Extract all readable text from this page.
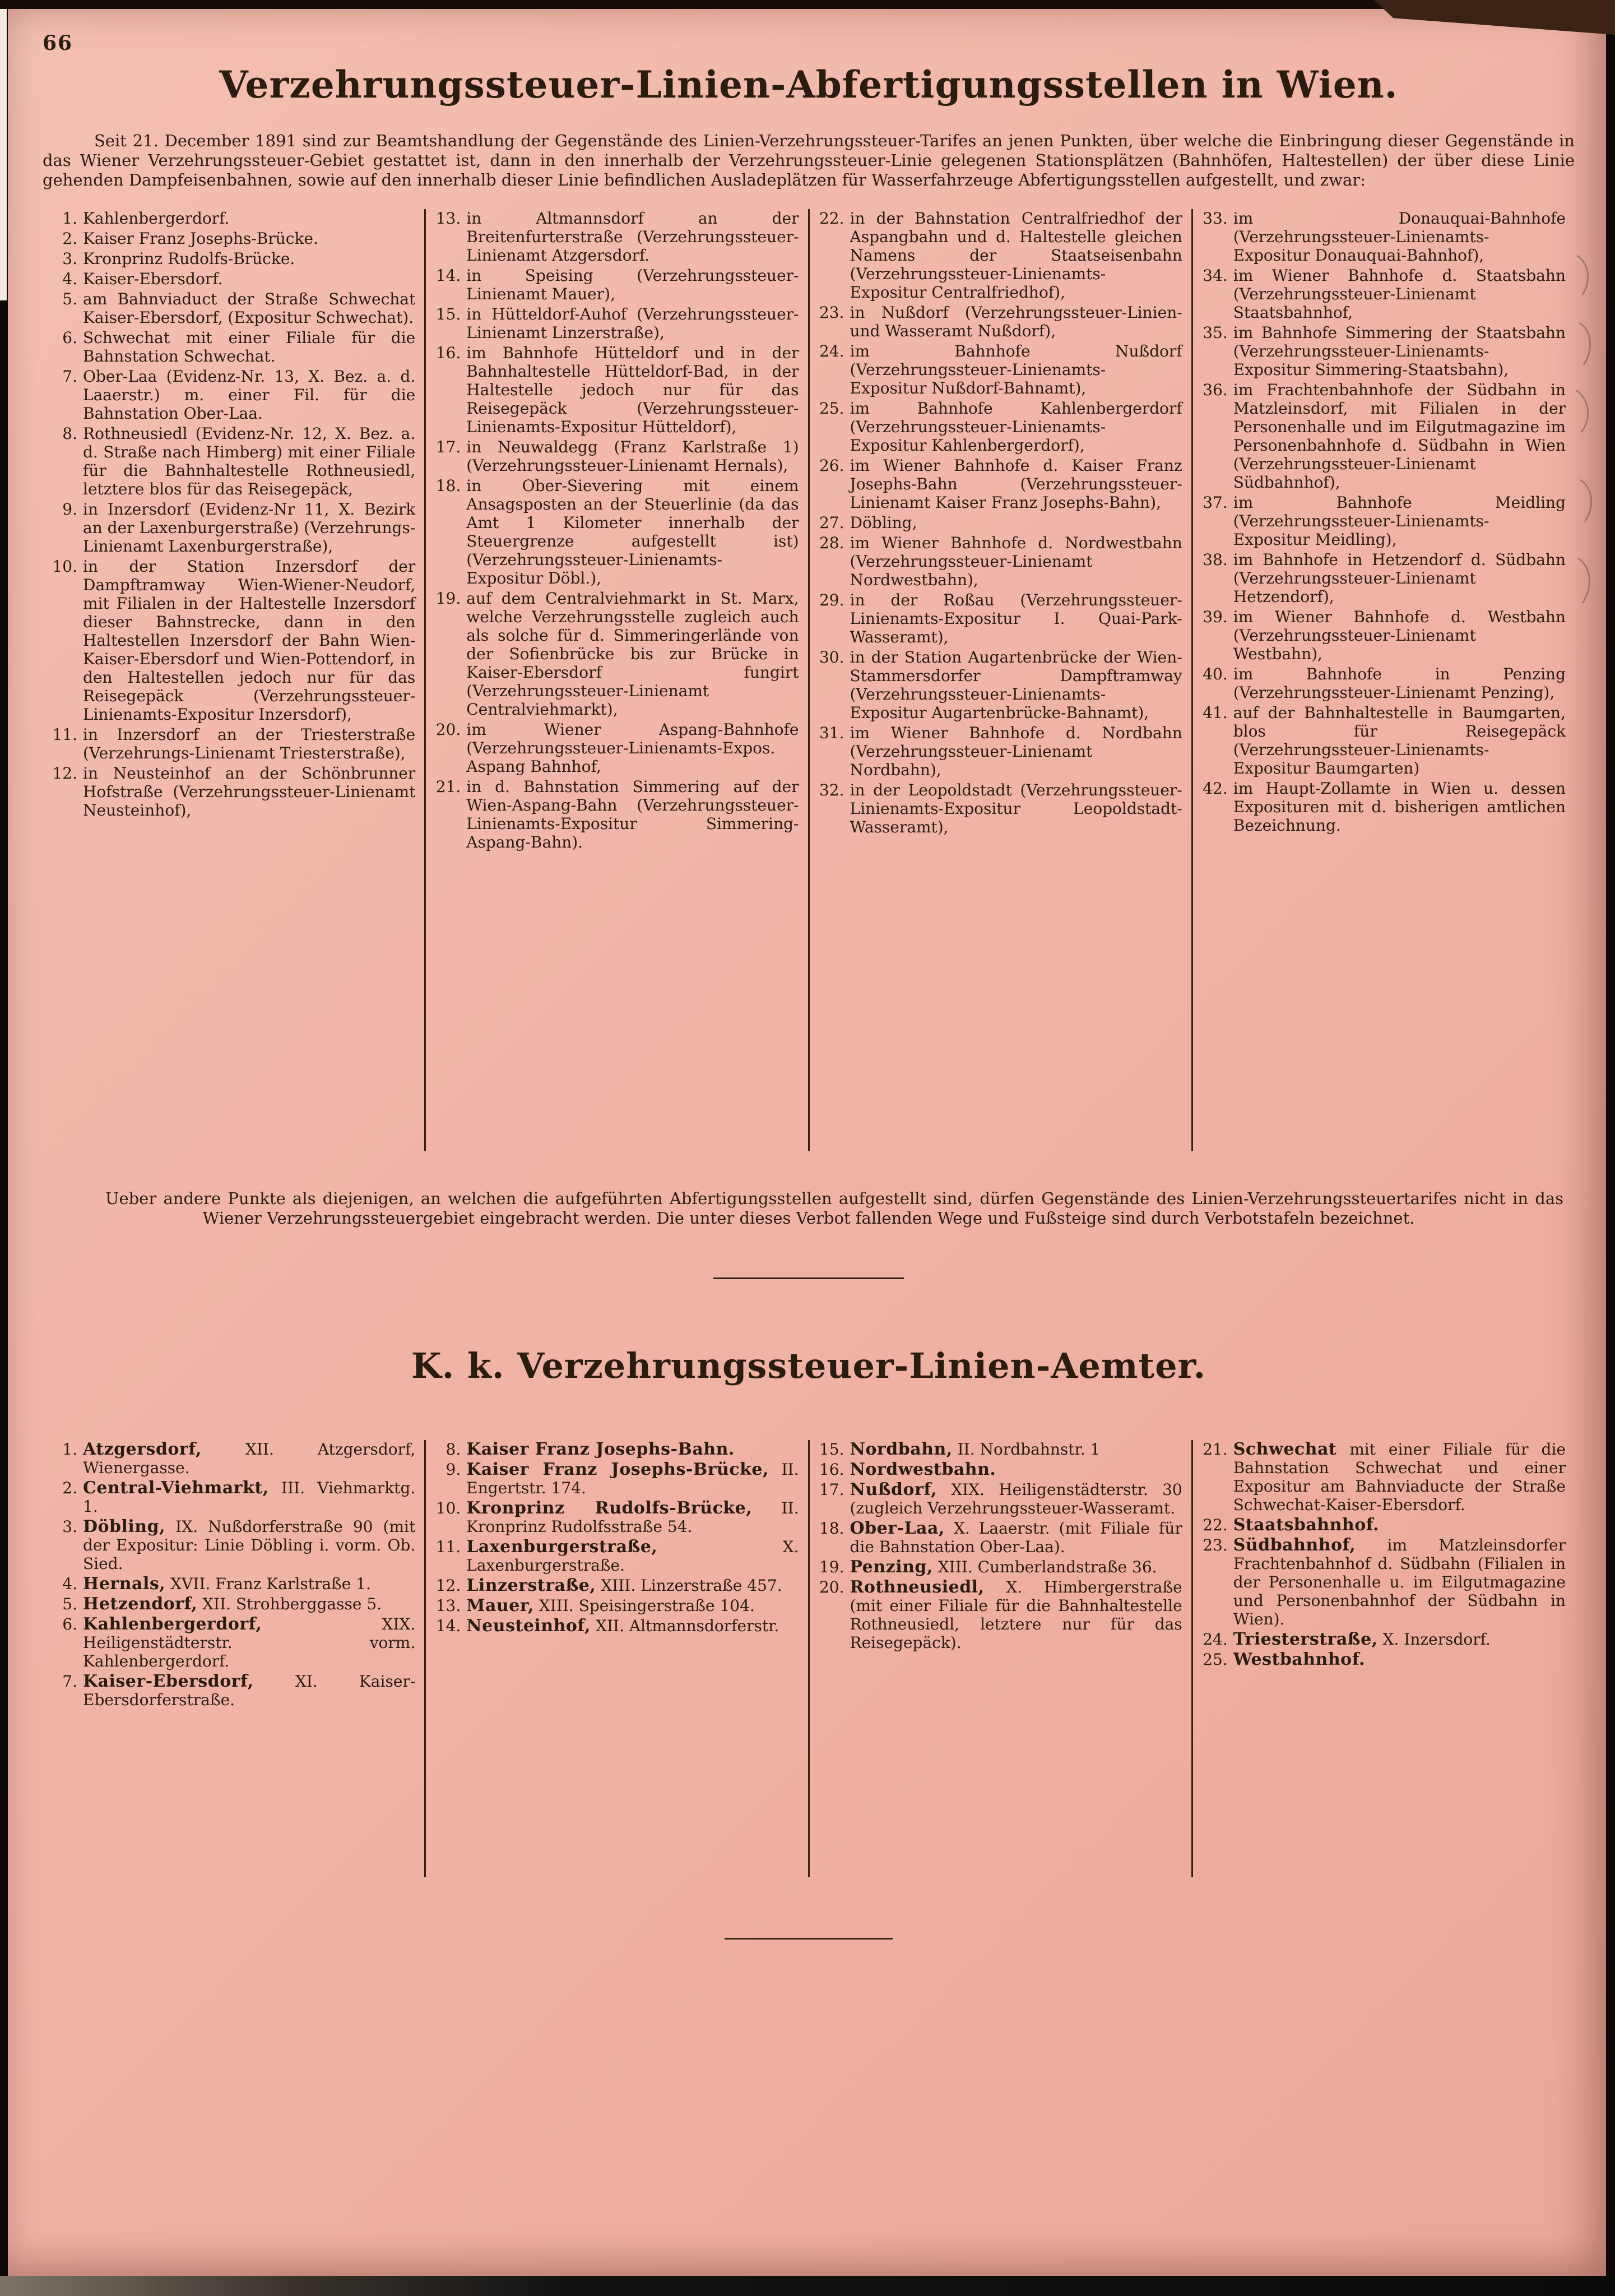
66
Verzehrungssteuer-Linien-Abfertigungsstellen in Wien.

Seit 21. December 1891 sind zur Beamtshandlung der Gegenstände des Linien-Verzehrungssteuer-Tarifes an jenen Punkten, über welche die Einbringung dieser Gegenstände in das Wiener Verzehrungssteuer-Gebiet gestattet ist, dann in den innerhalb der Verzehrungssteuer-Linie gelegenen Stationsplätzen (Bahnhöfen, Haltestellen) der über diese Linie gehenden Dampfeisenbahnen, sowie auf den innerhalb dieser Linie befindlichen Ausladeplätzen für Wasserfahrzeuge Abfertigungsstellen aufgestellt, und zwar:

1. Kahlenbergerdorf.
2. Kaiser Franz Josephs-Brücke.
3. Kronprinz Rudolfs-Brücke.
4. Kaiser-Ebersdorf.
5. am Bahnviaduct der Straße Schwechat Kaiser-Ebersdorf, (Expositur Schwechat).
6. Schwechat mit einer Filiale für die Bahnstation Schwechat.
7. Ober-Laa (Evidenz-Nr. 13, X. Bez. a. d. Laaerstr.) m. einer Fil. für die Bahnstation Ober-Laa.
8. Rothneusiedl (Evidenz-Nr. 12, X. Bez. a. d. Straße nach Himberg) mit einer Filiale für die Bahnhaltestelle Rothneusiedl, letztere blos für das Reisegepäck,
9. in Inzersdorf (Evidenz-Nr 11, X. Bezirk an der Laxenburgerstraße) (Verzehrungs-Linienamt Laxenburgerstraße),
10. in der Station Inzersdorf der Dampftramway Wien-Wiener-Neudorf, mit Filialen in der Haltestelle Inzersdorf dieser Bahnstrecke, dann in den Haltestellen Inzersdorf der Bahn Wien-Kaiser-Ebersdorf und Wien-Pottendorf, in den Haltestellen jedoch nur für das Reisegepäck (Verzehrungssteuer-Linienamts-Expositur Inzersdorf),
11. in Inzersdorf an der Triesterstraße (Verzehrungs-Linienamt Triesterstraße),
12. in Neusteinhof an der Schönbrunner Hofstraße (Verzehrungssteuer-Linienamt Neusteinhof),
13. in Altmannsdorf an der Breitenfurterstraße (Verzehrungssteuer-Linienamt Atzgersdorf.
14. in Speising (Verzehrungssteuer-Linienamt Mauer),
15. in Hütteldorf-Auhof (Verzehrungssteuer-Linienamt Linzerstraße),
16. im Bahnhofe Hütteldorf und in der Bahnhaltestelle Hütteldorf-Bad, in der Haltestelle jedoch nur für das Reisegepäck (Verzehrungssteuer-Linienamts-Expositur Hütteldorf),
17. in Neuwaldegg (Franz Karlstraße 1) (Verzehrungssteuer-Linienamt Hernals),
18. in Ober-Sievering mit einem Ansagsposten an der Steuerlinie (da das Amt 1 Kilometer innerhalb der Steuergrenze aufgestellt ist) (Verzehrungssteuer-Linienamts-Expositur Döbl.),
19. auf dem Centralviehmarkt in St. Marx, welche Verzehrungsstelle zugleich auch als solche für d. Simmeringerlände von der Sofienbrücke bis zur Brücke in Kaiser-Ebersdorf fungirt (Verzehrungssteuer-Linienamt Centralviehmarkt),
20. im Wiener Aspang-Bahnhofe (Verzehrungssteuer-Linienamts-Expos. Aspang Bahnhof,
21. in d. Bahnstation Simmering auf der Wien-Aspang-Bahn (Verzehrungssteuer-Linienamts-Expositur Simmering-Aspang-Bahn).
22. in der Bahnstation Centralfriedhof der Aspangbahn und d. Haltestelle gleichen Namens der Staatseisenbahn (Verzehrungssteuer-Linienamts-Expositur Centralfriedhof),
23. in Nußdorf (Verzehrungssteuer-Linien- und Wasseramt Nußdorf),
24. im Bahnhofe Nußdorf (Verzehrungssteuer-Linienamts-Expositur Nußdorf-Bahnamt),
25. im Bahnhofe Kahlenbergerdorf (Verzehrungssteuer-Linienamts-Expositur Kahlenbergerdorf),
26. im Wiener Bahnhofe d. Kaiser Franz Josephs-Bahn (Verzehrungssteuer-Linienamt Kaiser Franz Josephs-Bahn),
27. Döbling,
28. im Wiener Bahnhofe d. Nordwestbahn (Verzehrungssteuer-Linienamt Nordwestbahn),
29. in der Roßau (Verzehrungssteuer-Linienamts-Expositur I. Quai-Park-Wasseramt),
30. in der Station Augartenbrücke der Wien-Stammersdorfer Dampftramway (Verzehrungssteuer-Linienamts-Expositur Augartenbrücke-Bahnamt),
31. im Wiener Bahnhofe d. Nordbahn (Verzehrungssteuer-Linienamt Nordbahn),
32. in der Leopoldstadt (Verzehrungssteuer-Linienamts-Expositur Leopoldstadt-Wasseramt),
33. im Donauquai-Bahnhofe (Verzehrungssteuer-Linienamts-Expositur Donauquai-Bahnhof),
34. im Wiener Bahnhofe d. Staatsbahn (Verzehrungssteuer-Linienamt Staatsbahnhof,
35. im Bahnhofe Simmering der Staatsbahn (Verzehrungssteuer-Linienamts-Expositur Simmering-Staatsbahn),
36. im Frachtenbahnhofe der Südbahn in Matzleinsdorf, mit Filialen in der Personenhalle und im Eilgutmagazine im Personenbahnhofe d. Südbahn in Wien (Verzehrungssteuer-Linienamt Südbahnhof),
37. im Bahnhofe Meidling (Verzehrungssteuer-Linienamts-Expositur Meidling),
38. im Bahnhofe in Hetzendorf d. Südbahn (Verzehrungssteuer-Linienamt Hetzendorf),
39. im Wiener Bahnhofe d. Westbahn (Verzehrungssteuer-Linienamt Westbahn),
40. im Bahnhofe in Penzing (Verzehrungssteuer-Linienamt Penzing),
41. auf der Bahnhaltestelle in Baumgarten, blos für Reisegepäck (Verzehrungssteuer-Linienamts-Expositur Baumgarten)
42. im Haupt-Zollamte in Wien u. dessen Exposituren mit d. bisherigen amtlichen Bezeichnung.

Ueber andere Punkte als diejenigen, an welchen die aufgeführten Abfertigungsstellen aufgestellt sind, dürfen Gegenstände des Linien-Verzehrungssteuertarifes nicht in das Wiener Verzehrungssteuergebiet eingebracht werden. Die unter dieses Verbot fallenden Wege und Fußsteige sind durch Verbotstafeln bezeichnet.

K. k. Verzehrungssteuer-Linien-Aemter.
1. Atzgersdorf,	XII. Atzgersdorf, Wienergasse.
2. Central-Viehmarkt, III. Viehmarktg. 1.
3. Döbling, IX. Nußdorferstraße 90 (mit der Expositur: Linie Döbling i. vorm. Ob. Sied.
4. Hernals, XVII. Franz Karlstraße 1.
5. Hetzendorf, XII. Strohberggasse 5.
6. Kahlenbergerdorf,	XIX. Heiligenstädterstr. vorm. Kahlenbergerdorf.
7. Kaiser-Ebersdorf,	XI. Kaiser-Ebersdorferstraße.
8. Kaiser Franz Josephs-Bahn.
9. Kaiser Franz Josephs-Brücke, II. Engertstr. 174.
10. Kronprinz Rudolfs-Brücke, II. Kronprinz Rudolfsstraße 54.
11. Laxenburgerstraße,	X. Laxenburgerstraße.
12. Linzerstraße, XIII. Linzerstraße 457.
13. Mauer, XIII. Speisingerstraße 104.
14. Neusteinhof, XII. Altmannsdorferstr.
15. Nordbahn, II. Nordbahnstr. 1
16. Nordwestbahn.
17. Nußdorf, XIX. Heiligenstädterstr. 30 (zugleich Verzehrungssteuer-Wasseramt.
18. Ober-Laa, X. Laaerstr. (mit Filiale für die Bahnstation Ober-Laa).
19. Penzing, XIII. Cumberlandstraße 36.
20. Rothneusiedl, X. Himbergerstraße (mit einer Filiale für die Bahnhaltestelle Rothneusiedl, letztere nur für das Reisegepäck).
21. Schwechat mit einer Filiale für die Bahnstation Schwechat und einer Expositur am Bahnviaducte der Straße Schwechat-Kaiser-Ebersdorf.
22. Staatsbahnhof.
23. Südbahnhof, im Matzleinsdorfer Frachtenbahnhof d. Südbahn (Filialen in der Personenhalle u. im Eilgutmagazine und Personenbahnhof der Südbahn in Wien).
24. Triesterstraße, X. Inzersdorf.
25. Westbahnhof.
